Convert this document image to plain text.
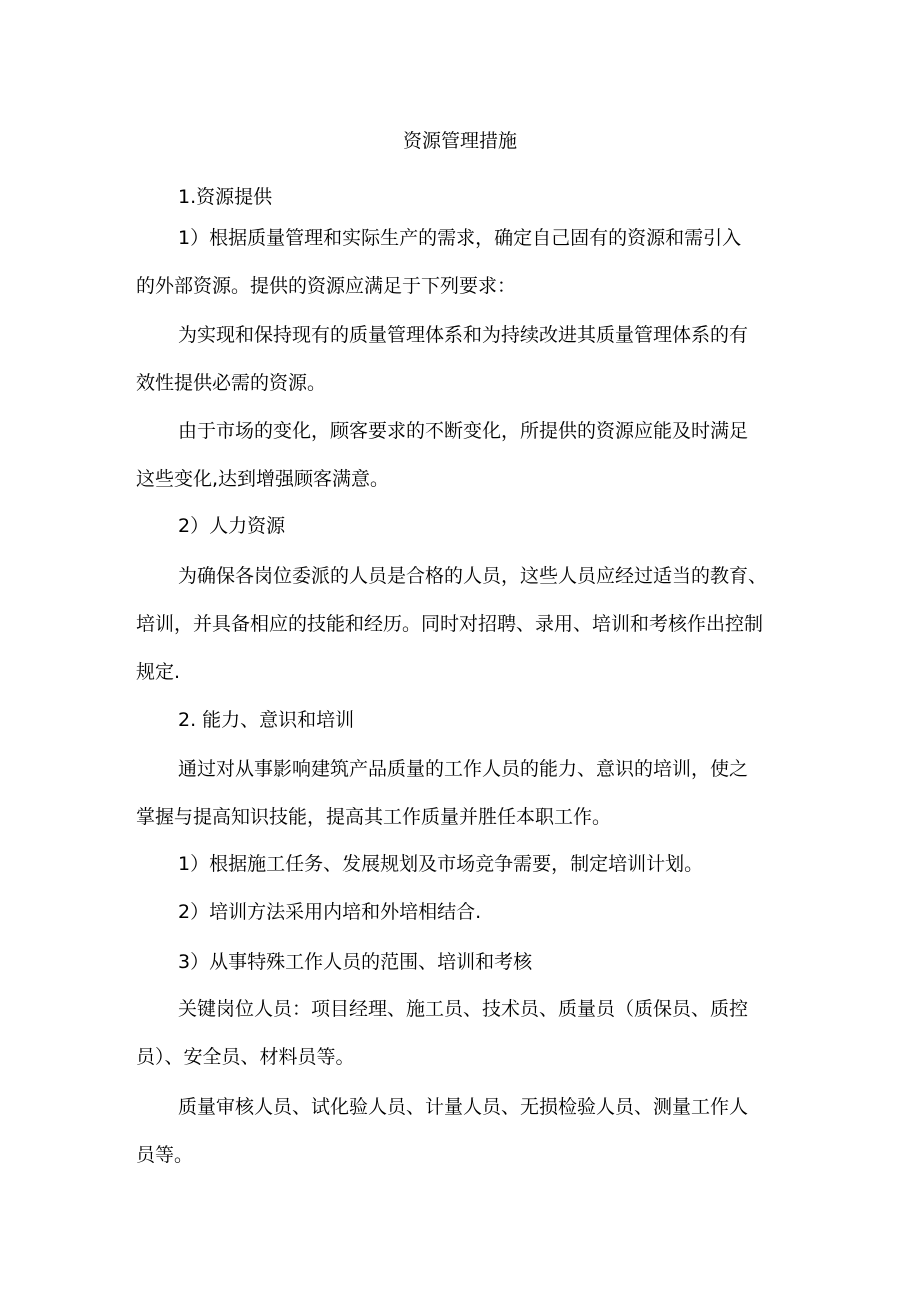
资源管理措施
1.资源提供
1）根据质量管理和实际生产的需求，确定自己固有的资源和需引入
的外部资源。提供的资源应满足于下列要求：
为实现和保持现有的质量管理体系和为持续改进其质量管理体系的有
效性提供必需的资源。
由于市场的变化，顾客要求的不断变化，所提供的资源应能及时满足
这些变化,达到增强顾客满意。
2）人力资源
为确保各岗位委派的人员是合格的人员，这些人员应经过适当的教育、
培训，并具备相应的技能和经历。同时对招聘、录用、培训和考核作出控制
规定.
2. 能力、意识和培训
通过对从事影响建筑产品质量的工作人员的能力、意识的培训，使之
掌握与提高知识技能，提高其工作质量并胜任本职工作。
1）根据施工任务、发展规划及市场竞争需要，制定培训计划。
2）培训方法采用内培和外培相结合.
3）从事特殊工作人员的范围、培训和考核
关键岗位人员：项目经理、施工员、技术员、质量员（质保员、质控
员）、安全员、材料员等。
质量审核人员、试化验人员、计量人员、无损检验人员、测量工作人
员等。
